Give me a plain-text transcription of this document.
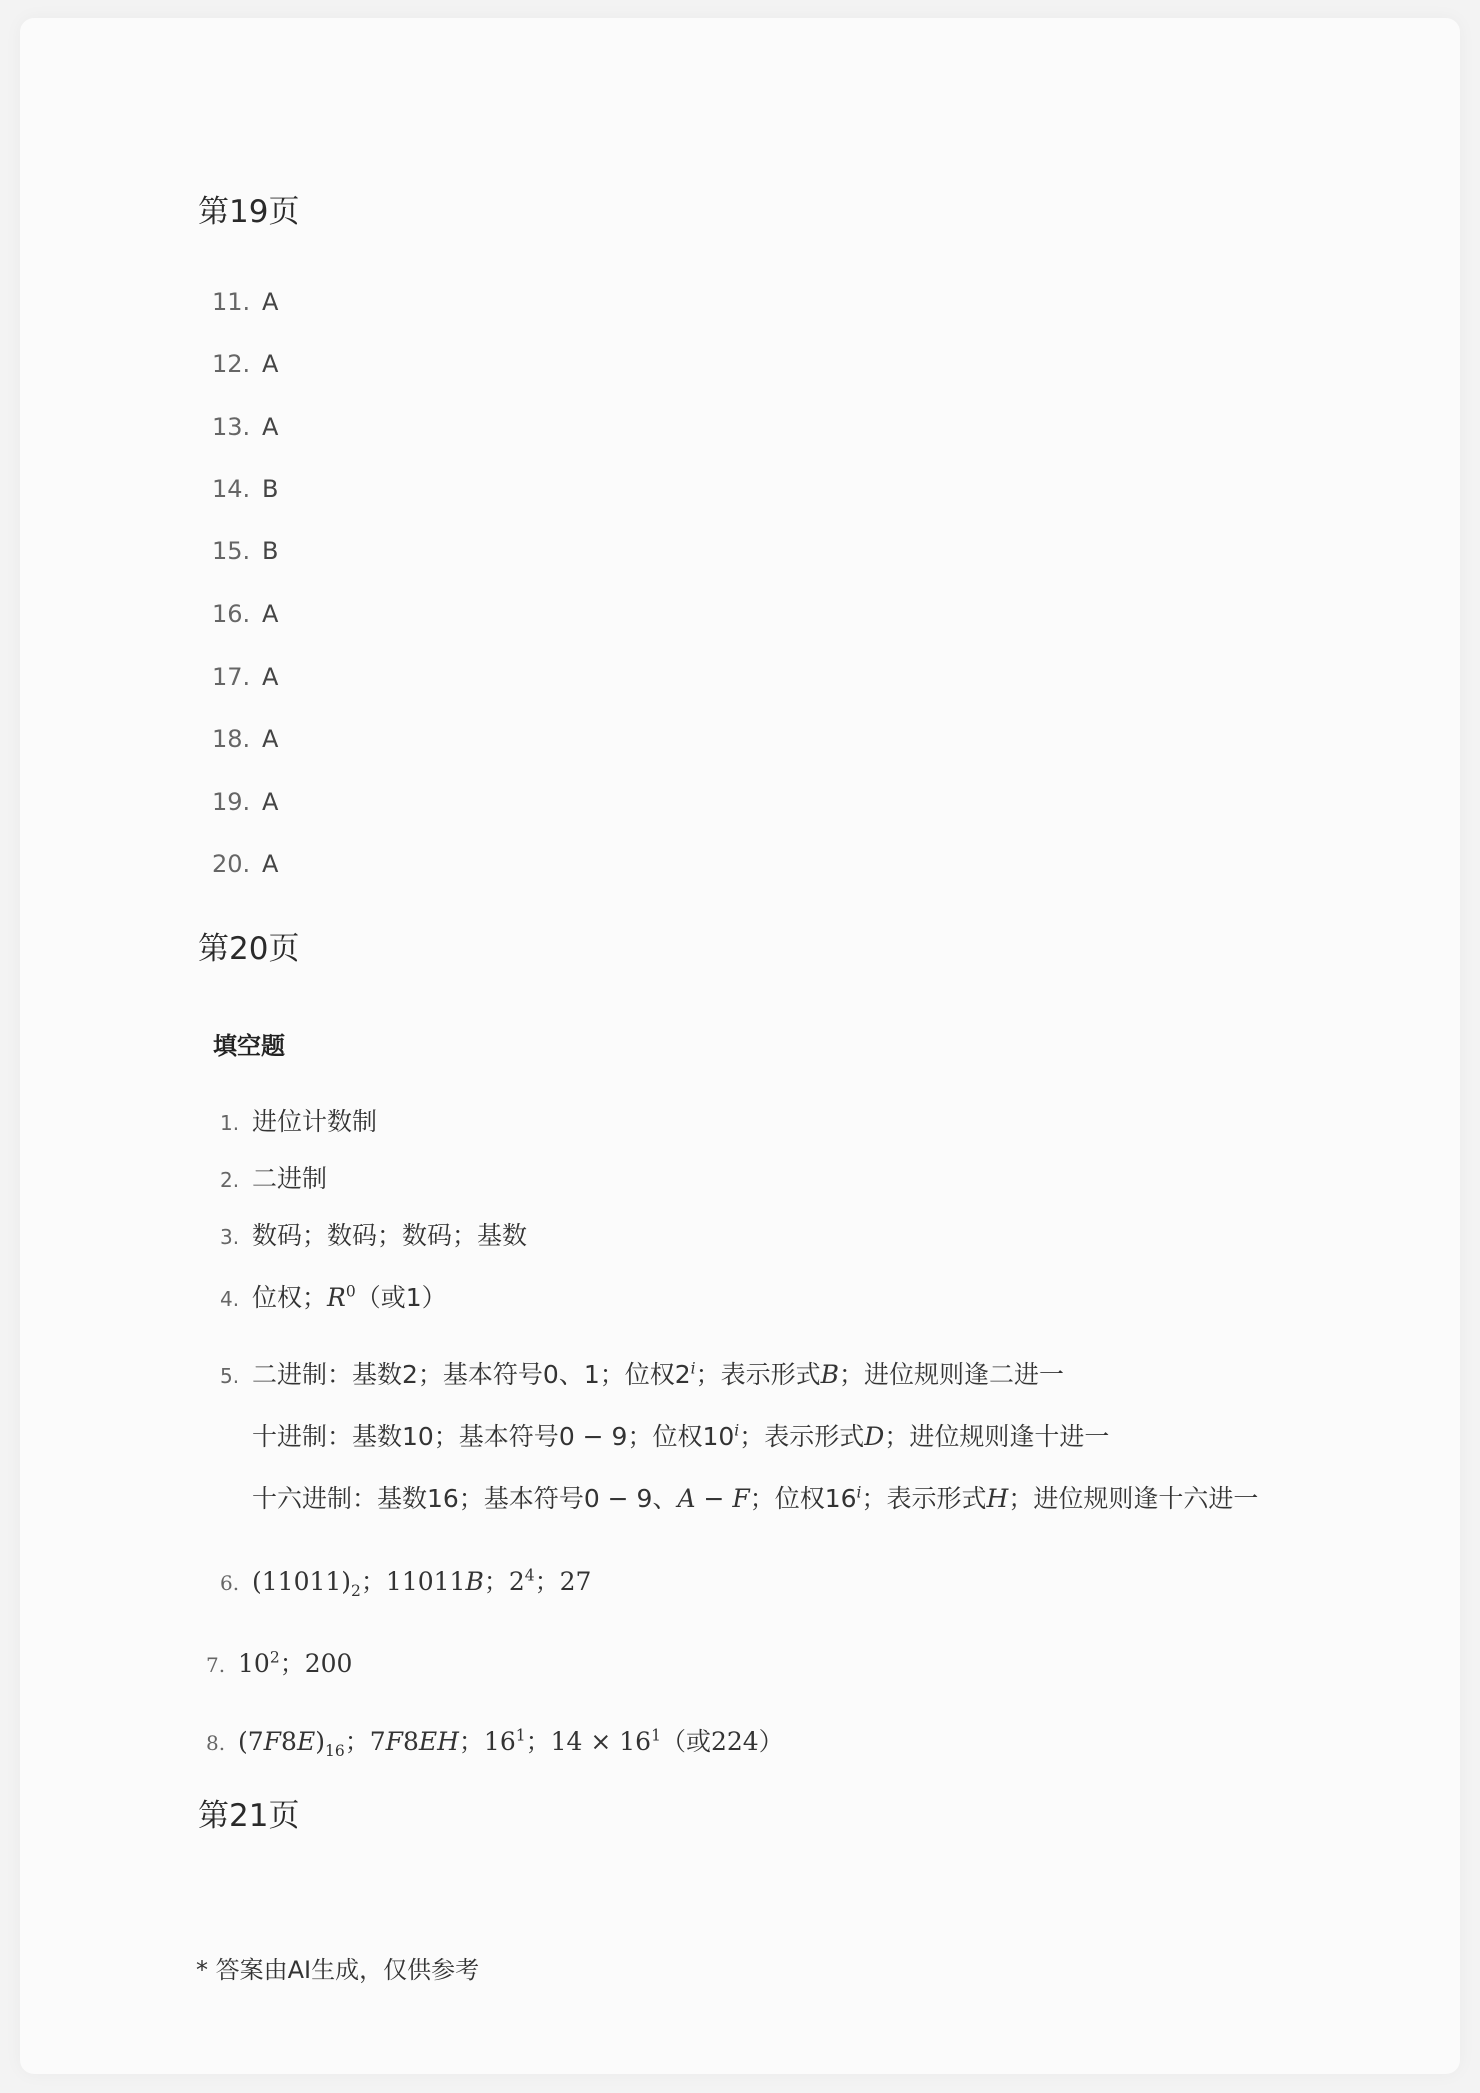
第19页
11. A
12. A
13. A
14. B
15. B
16. A
17. A
18. A
19. A
20. A
第20页
填空题
1. 进位计数制
2. 二进制
3. 数码；数码；数码；基数
4. 位权；$R^0$（或1）
5. 二进制：基数2；基本符号0、1；位权2$^i$；表示形式B；进位规则逢二进一
十进制：基数10；基本符号0 − 9；位权10$^i$；表示形式D；进位规则逢十进一
十六进制：基数16；基本符号0 − 9、A − F；位权16$^i$；表示形式H；进位规则逢十六进一
6. $(11011)_2$；11011B；$2^4$；27
7. $10^2$；200
8. $(7F8E)_{16}$；7F8EH；$16^1$；$14 \times 16^1$（或224）
第21页
* 答案由AI生成，仅供参考
